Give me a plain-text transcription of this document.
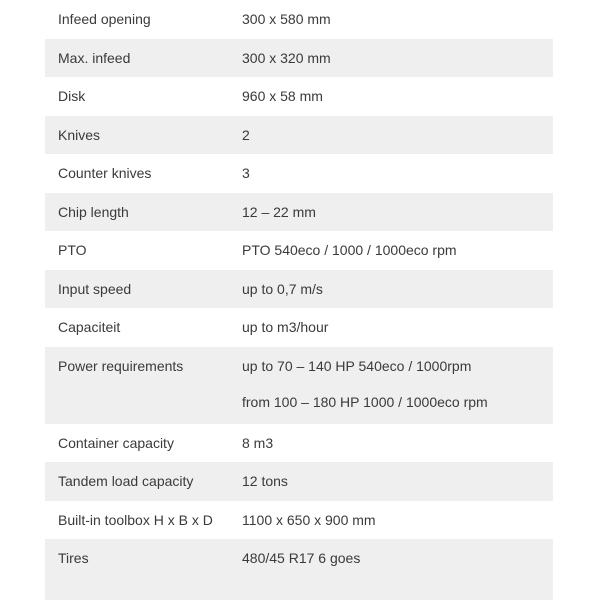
Infeed opening	300 x 580 mm
Max. infeed	300 x 320 mm
Disk	960 x 58 mm
Knives	2
Counter knives	3
Chip length	12 – 22 mm
PTO	PTO 540eco / 1000 / 1000eco rpm
Input speed	up to 0,7 m/s
Capaciteit	up to m3/hour
Power requirements	up to 70 – 140 HP 540eco / 1000rpm
from 100 – 180 HP 1000 / 1000eco rpm
Container capacity	8 m3
Tandem load capacity	12 tons
Built-in toolbox H x B x D	1100 x 650 x 900 mm
Tires	480/45 R17 6 goes
